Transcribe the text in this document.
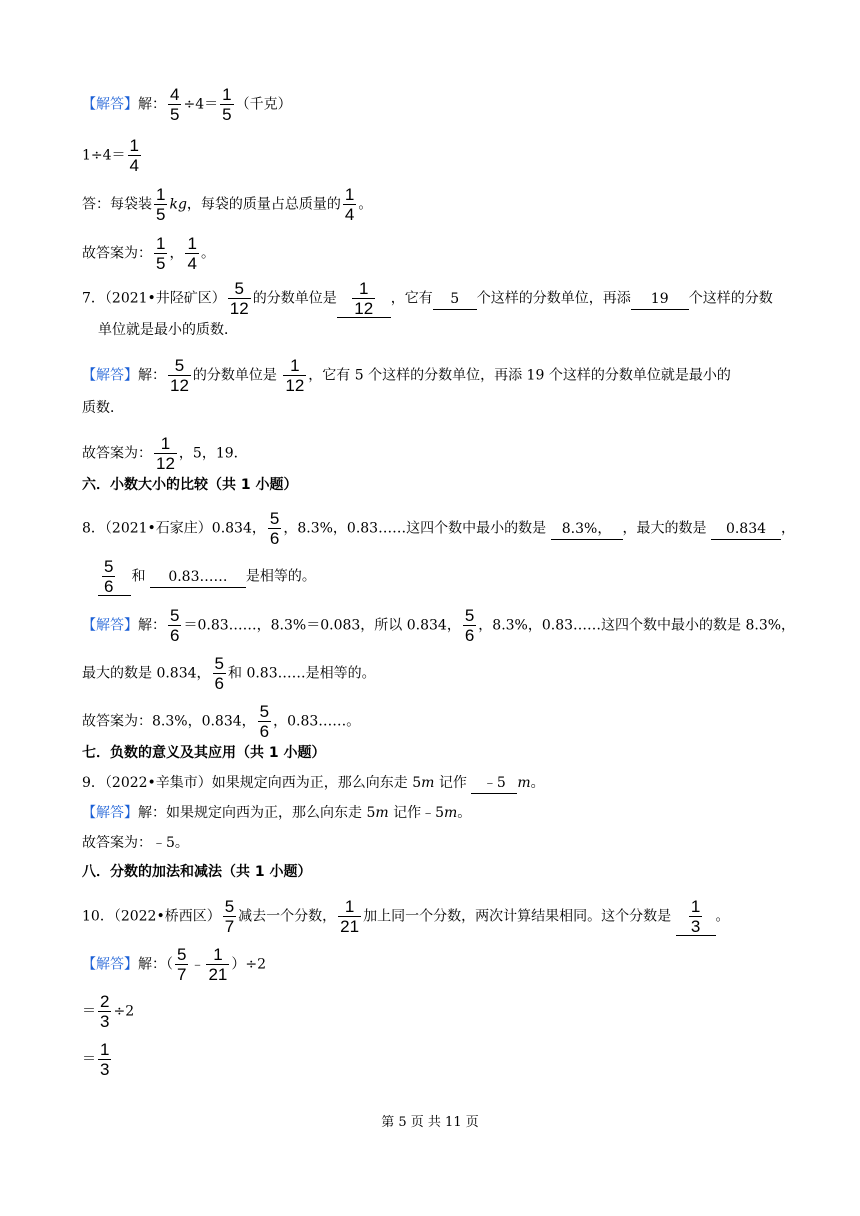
【解答】解： $\frac{4}{5} \div 4= \frac{1}{5}$ （千克）
$1\div 4= \frac{1}{4}$
答：每袋装 $\frac{1}{5}$ kg，每袋的质量占总质量的 $\frac{1}{4}$ 。
故答案为： $\frac{1}{5}$ ， $\frac{1}{4}$ 。
7．（2021•井陉矿区） $\frac{5}{12}$ 的分数单位是 $\frac{1}{12}$ ，它有 5 个这样的分数单位，再添 19 个这样的分数
单位就是最小的质数．
【解答】解： $\frac{5}{12}$ 的分数单位是 $\frac{1}{12}$ ，它有 5 个这样的分数单位，再添 19 个这样的分数单位就是最小的
质数．
故答案为： $\frac{1}{12}$ ，5，19．
六．小数大小的比较（共 1 小题）
8．（2021•石家庄）0.834， $\frac{5}{6}$ ，8.3%，0.83……这四个数中最小的数是 8.3%， ，最大的数是 0.834 ，
$\frac{5}{6}$ 和 0.83…… 是相等的。
【解答】解： $\frac{5}{6}$ ＝0.83……，8.3%＝0.083，所以 0.834， $\frac{5}{6}$ ，8.3%，0.83……这四个数中最小的数是 8.3%，
最大的数是 0.834， $\frac{5}{6}$ 和 0.83……是相等的。
故答案为：8.3%，0.834， $\frac{5}{6}$ ，0.83……。
七．负数的意义及其应用（共 1 小题）
9．（2022•辛集市）如果规定向西为正，那么向东走 5m 记作 ﹣5 m。
【解答】解：如果规定向西为正，那么向东走 5m 记作﹣5m。
故答案为：﹣5。
八．分数的加法和减法（共 1 小题）
10．（2022•桥西区） $\frac{5}{7}$ 减去一个分数， $\frac{1}{21}$ 加上同一个分数，两次计算结果相同。这个分数是 $\frac{1}{3}$ 。
【解答】解：（ $\frac{5}{7}$ ﹣ $\frac{1}{21} )\div 2$
＝ $\frac{2}{3} \div 2$
＝ $\frac{1}{3}$
第 5 页 共 11 页
